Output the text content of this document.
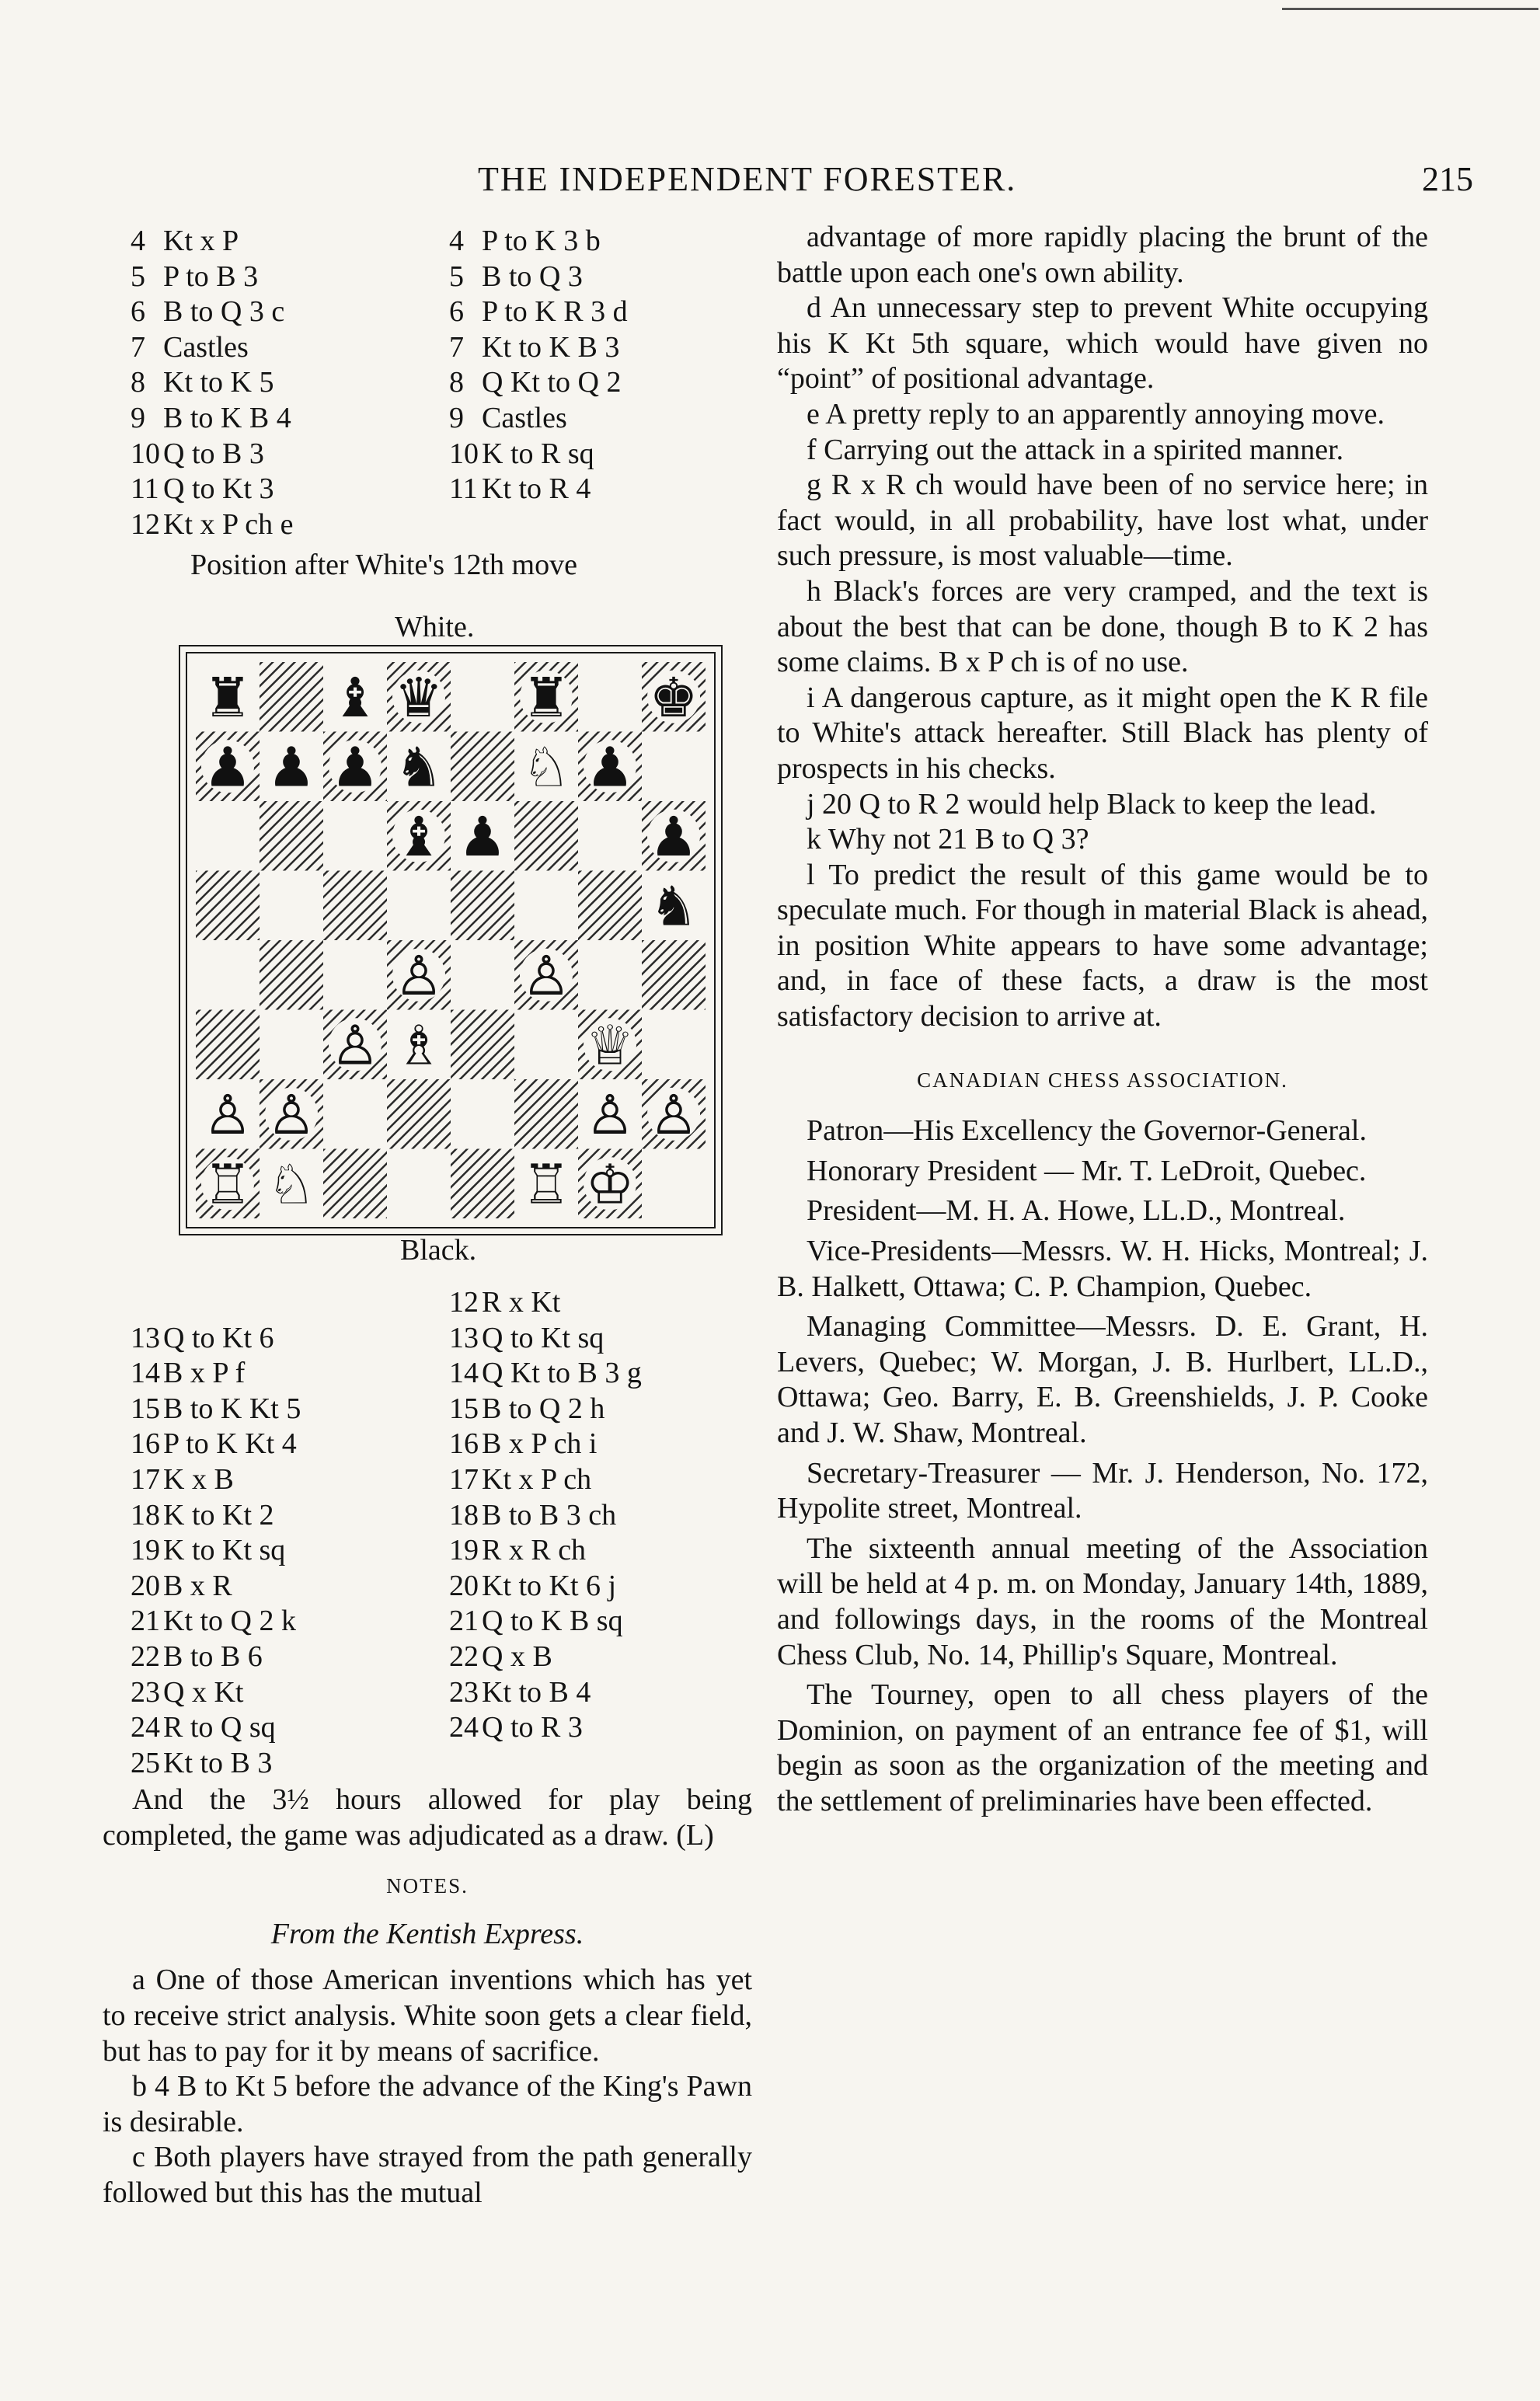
THE INDEPENDENT FORESTER.	215
4 Kt x P	4 P to K 3 b
5 P to B 3	5 B to Q 3
6 B to Q 3 c	6 P to K R 3 d
7 Castles	7 Kt to K B 3
8 Kt to K 5	8 Q Kt to Q 2
9 B to K B 4	9 Castles
10 Q to B 3	10 K to R sq
11 Q to Kt 3	11 Kt to R 4
12 Kt x P ch e
Position after White's 12th move
White.
♜ ♝ ♛ ♜ ♚
♟ ♟ ♟ ♞ ♘ ♟
♝ ♟	♟
♞
♙ ♙
♙ ♗	♕
♙ ♙	♙ ♙
♖ ♘	♖ ♔
Black.
12 R x Kt
13 Q to Kt 6	13 Q to Kt sq
14 B x P f	14 Q Kt to B 3 g
15 B to K Kt 5	15 B to Q 2 h
16 P to K Kt 4	16 B x P ch i
17 K x B	17 Kt x P ch
18 K to Kt 2	18 B to B 3 ch
19 K to Kt sq	19 R x R ch
20 B x R	20 Kt to Kt 6 j
21 Kt to Q 2 k	21 Q to K B sq
22 B to B 6	22 Q x B
23 Q x Kt	23 Kt to B 4
24 R to Q sq	24 Q to R 3
25 Kt to B 3

And the 3½ hours allowed for play being completed, the game was adjudicated as a draw. (L)

NOTES.
From the Kentish Express.

a One of those American inventions which has yet to receive strict analysis. White soon gets a clear field, but has to pay for it by means of sacrifice.

b 4 B to Kt 5 before the advance of the King's Pawn is desirable.

c Both players have strayed from the path generally followed but this has the mutual

advantage of more rapidly placing the brunt of the battle upon each one's own ability.

d An unnecessary step to prevent White occupying his K Kt 5th square, which would have given no “point” of positional advantage.

e A pretty reply to an apparently annoying move.

f Carrying out the attack in a spirited manner.

g R x R ch would have been of no service here; in fact would, in all probability, have lost what, under such pressure, is most valuable—time.

h Black's forces are very cramped, and the text is about the best that can be done, though B to K 2 has some claims. B x P ch is of no use.

i A dangerous capture, as it might open the K R file to White's attack hereafter. Still Black has plenty of prospects in his checks.

j 20 Q to R 2 would help Black to keep the lead.

k Why not 21 B to Q 3?

l To predict the result of this game would be to speculate much. For though in material Black is ahead, in position White appears to have some advantage; and, in face of these facts, a draw is the most satisfactory decision to arrive at.

CANADIAN CHESS ASSOCIATION.

Patron—His Excellency the Governor-General.

Honorary President — Mr. T. LeDroit, Quebec.

President—M. H. A. Howe, LL.D., Montreal.

Vice-Presidents—Messrs. W. H. Hicks, Montreal; J. B. Halkett, Ottawa; C. P. Champion, Quebec.

Managing Committee—Messrs. D. E. Grant, H. Levers, Quebec; W. Morgan, J. B. Hurlbert, LL.D., Ottawa; Geo. Barry, E. B. Greenshields, J. P. Cooke and J. W. Shaw, Montreal.

Secretary-Treasurer — Mr. J. Henderson, No. 172, Hypolite street, Montreal.

The sixteenth annual meeting of the Association will be held at 4 p. m. on Monday, January 14th, 1889, and followings days, in the rooms of the Montreal Chess Club, No. 14, Phillip's Square, Montreal.

The Tourney, open to all chess players of the Dominion, on payment of an entrance fee of $1, will begin as soon as the organization of the meeting and the settlement of preliminaries have been effected.
